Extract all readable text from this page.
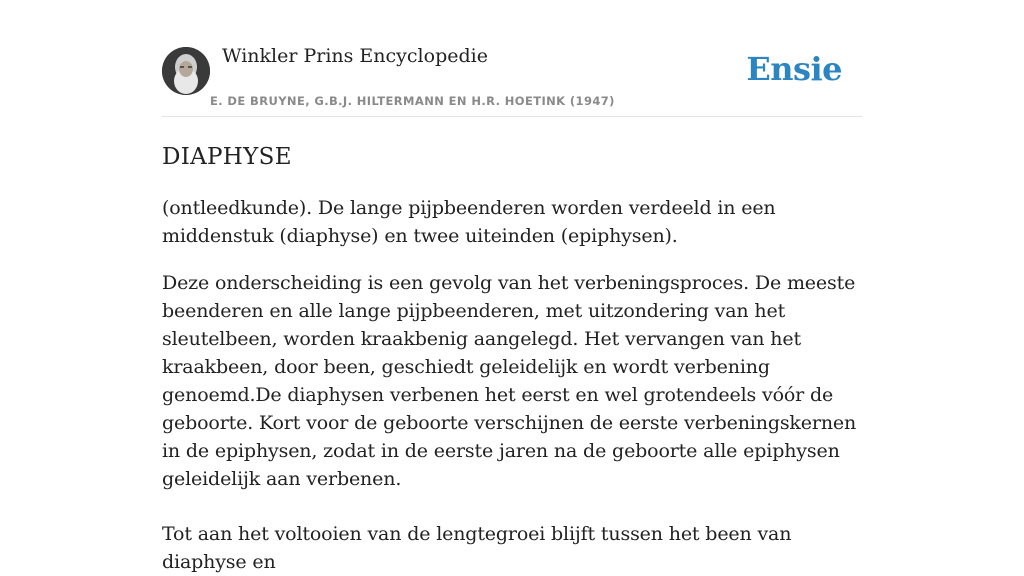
Winkler Prins Encyclopedie
E. DE BRUYNE, G.B.J. HILTERMANN EN H.R. HOETINK (1947)
Ensie
DIAPHYSE

(ontleedkunde). De lange pijpbeenderen worden verdeeld in een middenstuk (diaphyse) en twee uiteinden (epiphysen).

Deze onderscheiding is een gevolg van het verbeningsproces. De meeste beenderen en alle lange pijpbeenderen, met uitzondering van het sleutelbeen, worden kraakbenig aangelegd. Het vervangen van het kraakbeen, door been, geschiedt geleidelijk en wordt verbening genoemd.De diaphysen verbenen het eerst en wel grotendeels vóór de geboorte. Kort voor de geboorte verschijnen de eerste verbeningskernen in de epiphysen, zodat in de eerste jaren na de geboorte alle epiphysen geleidelijk aan verbenen.

Tot aan het voltooien van de lengtegroei blijft tussen het been van diaphyse en
